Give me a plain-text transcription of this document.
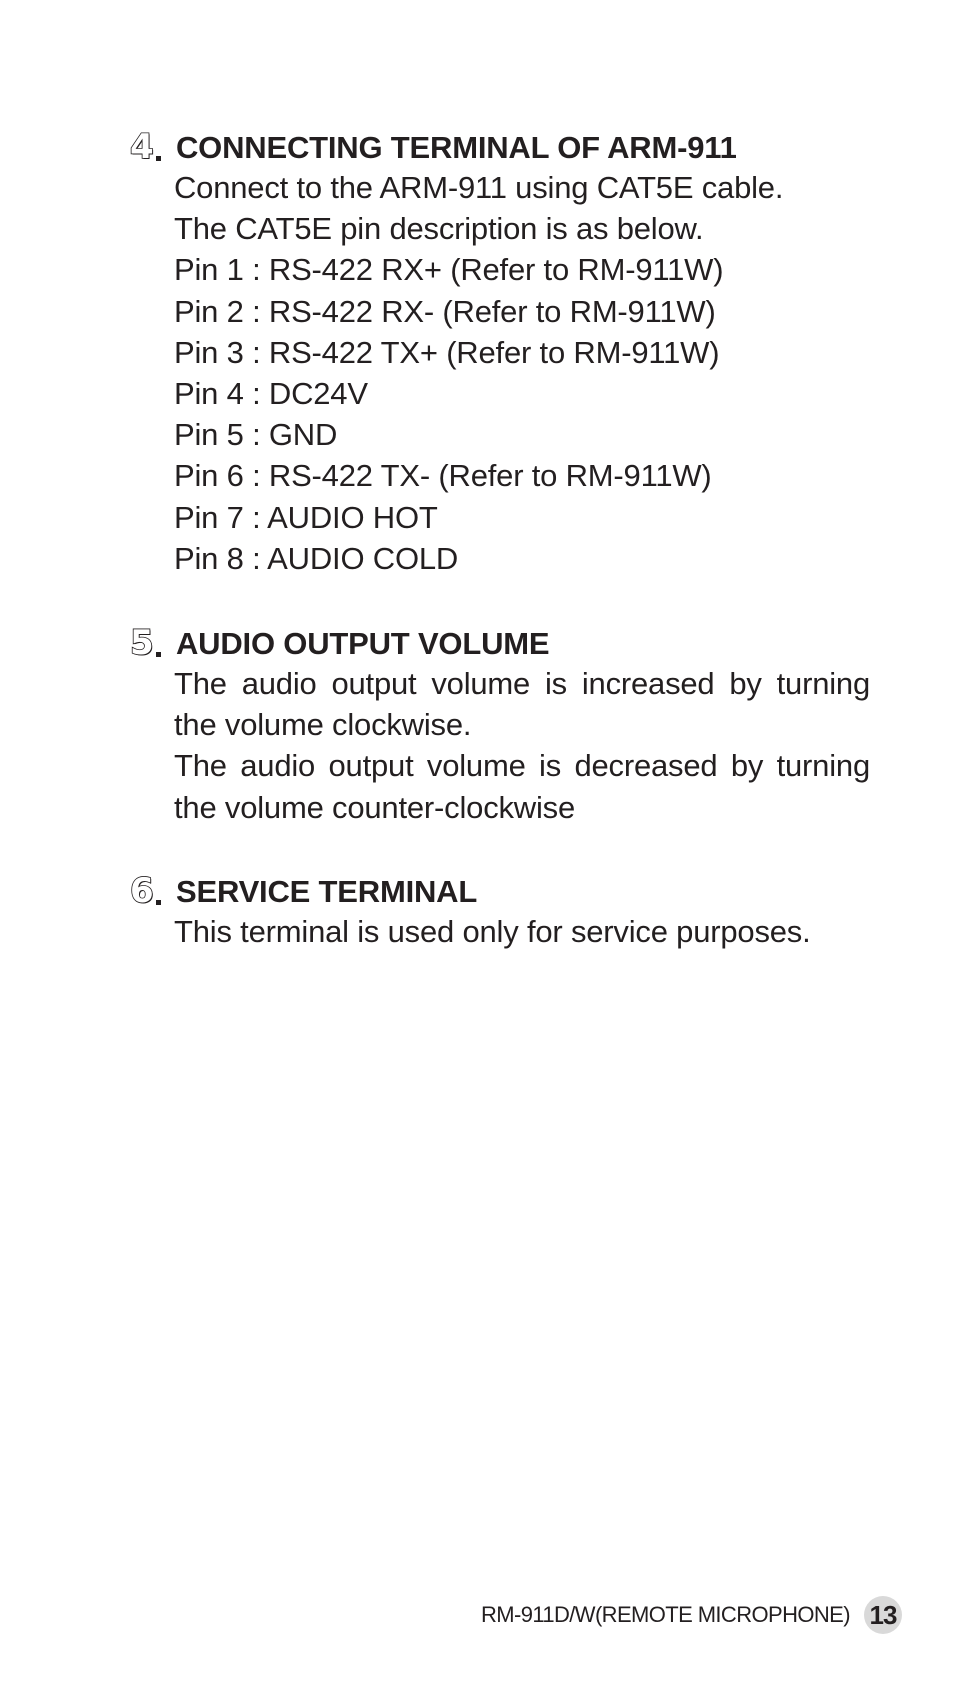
4 CONNECTING TERMINAL OF ARM-911
Connect to the ARM-911 using CAT5E cable.
The CAT5E pin description is as below.
Pin 1 : RS-422 RX+ (Refer to RM-911W)
Pin 2 : RS-422 RX- (Refer to RM-911W)
Pin 3 : RS-422 TX+ (Refer to RM-911W)
Pin 4 : DC24V
Pin 5 : GND
Pin 6 : RS-422 TX- (Refer to RM-911W)
Pin 7 : AUDIO HOT
Pin 8 : AUDIO COLD
5 AUDIO OUTPUT VOLUME
The audio output volume is increased by turning the volume clockwise.
The audio output volume is decreased by turning the volume counter-clockwise
6 SERVICE TERMINAL
This terminal is used only for service purposes.
RM-911D/W(REMOTE MICROPHONE) 13
